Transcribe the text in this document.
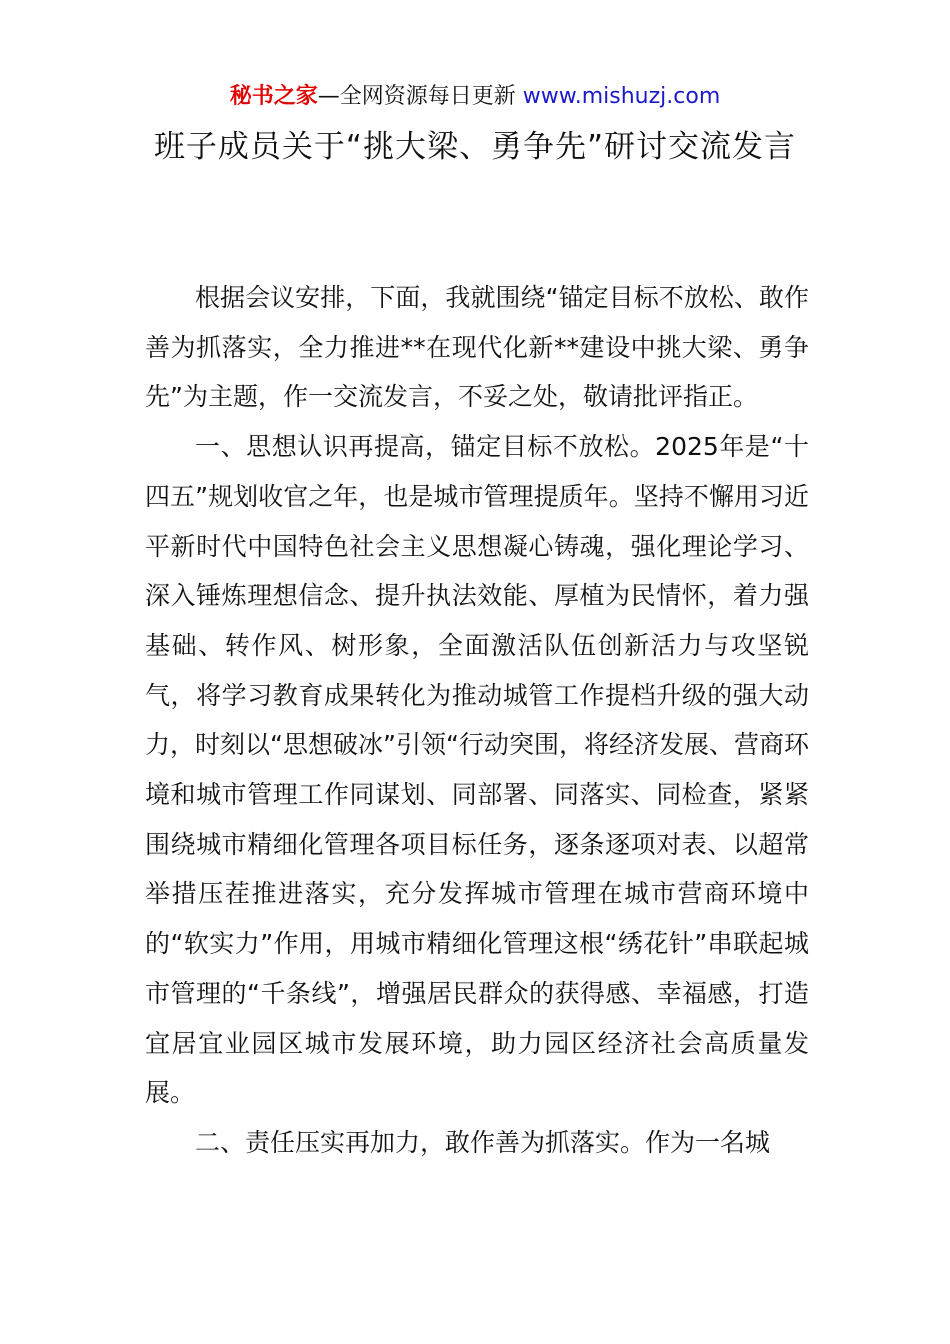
秘书之家—全网资源每日更新 www.mishuzj.com
班子成员关于“挑大梁、勇争先”研讨交流发言

根据会议安排，下面，我就围绕“锚定目标不放松、敢作善为抓落实，全力推进**在现代化新**建设中挑大梁、勇争先”为主题，作一交流发言，不妥之处，敬请批评指正。

一、思想认识再提高，锚定目标不放松。2025年是“十四五”规划收官之年，也是城市管理提质年。坚持不懈用习近平新时代中国特色社会主义思想凝心铸魂，强化理论学习、深入锤炼理想信念、提升执法效能、厚植为民情怀，着力强基础、转作风、树形象，全面激活队伍创新活力与攻坚锐气，将学习教育成果转化为推动城管工作提档升级的强大动力，时刻以“思想破冰”引领“行动突围，将经济发展、营商环境和城市管理工作同谋划、同部署、同落实、同检查，紧紧围绕城市精细化管理各项目标任务，逐条逐项对表、以超常举措压茬推进落实，充分发挥城市管理在城市营商环境中的“软实力”作用，用城市精细化管理这根“绣花针”串联起城市管理的“千条线”，增强居民群众的获得感、幸福感，打造宜居宜业园区城市发展环境，助力园区经济社会高质量发展。

二、责任压实再加力，敢作善为抓落实。作为一名城
